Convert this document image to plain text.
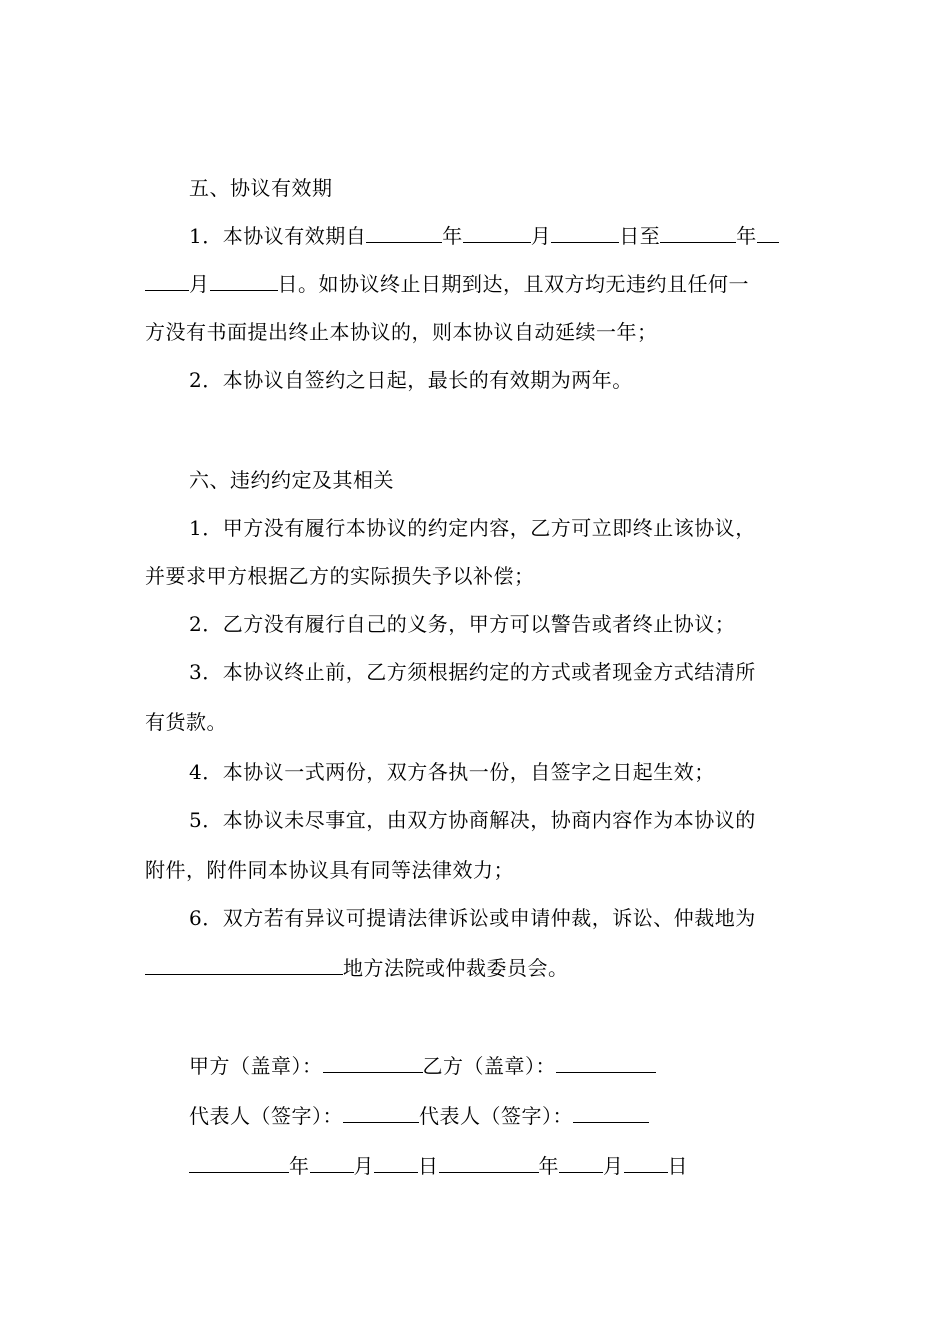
五、协议有效期
1．本协议有效期自	年	月	日至	年
月	日。如协议终止日期到达，且双方均无违约且任何一
方没有书面提出终止本协议的，则本协议自动延续一年；
2．本协议自签约之日起，最长的有效期为两年。
六、违约约定及其相关
1．甲方没有履行本协议的约定内容，乙方可立即终止该协议，
并要求甲方根据乙方的实际损失予以补偿；
2．乙方没有履行自己的义务，甲方可以警告或者终止协议；
3．本协议终止前，乙方须根据约定的方式或者现金方式结清所
有货款。
4．本协议一式两份，双方各执一份，自签字之日起生效；
5．本协议未尽事宜，由双方协商解决，协商内容作为本协议的
附件，附件同本协议具有同等法律效力；
6．双方若有异议可提请法律诉讼或申请仲裁，诉讼、仲裁地为
地方法院或仲裁委员会。
甲方（盖章）：	乙方（盖章）：
代表人（签字）：	代表人（签字）：
年 月 日	年 月 日
